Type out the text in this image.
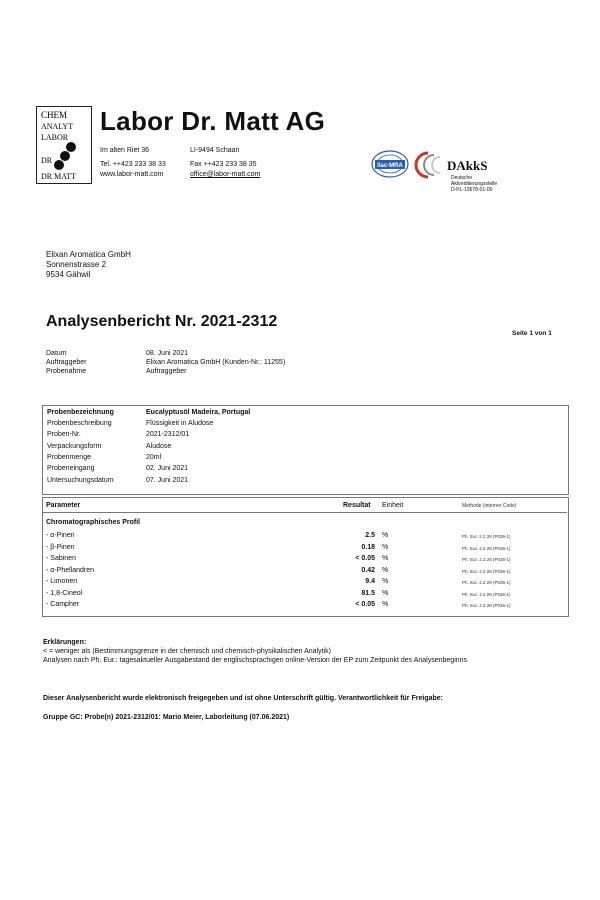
CHEM
ANALYT
LABOR
DR
DR MATT
Labor Dr. Matt AG
Im alten Riet 36	LI-9494 Schaan
Tel. ++423 233 38 33	Fax ++423 233 38 35
www.labor-matt.com	office@labor-matt.com
ilac-MRA	DAkkS
Deutsche
Akkreditierungsstelle
D-PL-19678-01-00
Elixan Aromatica GmbH
Sonnenstrasse 2
9534 Gähwil
Analysenbericht Nr. 2021-2312
Seite 1 von 1
Datum	08. Juni 2021
Auftraggeber	Elixan Aromatica GmbH (Kunden-Nr.: 11255)
Probenahme	Auftraggeber
Probenbezeichnung	Eucalyptusöl Madeira, Portugal
Probenbeschreibung	Flüssigkeit in Aludose
Proben-Nr.	2021-2312/01
Verpackungsform	Aludose
Probenmenge	20ml
Probeneingang	02. Juni 2021
Untersuchungsdatum	07. Juni 2021
Parameter	Resultat Einheit	Methode (interner Code)
Chromatographisches Profil
- α-Pinen	2.5 %	Ph. Eur. 2.2.28 (P036-1)
- β-Pinen	0.18 %	Ph. Eur. 2.2.28 (P036-1)
- Sabinen	< 0.05 %	Ph. Eur. 2.2.28 (P036-1)
- α-Phellandren	0.42 %	Ph. Eur. 2.2.28 (P036-1)
- Limonen	9.4 %	Ph. Eur. 2.2.28 (P036-1)
- 1,8-Cineol	81.5 %	Ph. Eur. 2.2.28 (P036-1)
- Campher	< 0.05 %	Ph. Eur. 2.2.28 (P036-1)
Erklärungen:
< = weniger als (Bestimmungsgrenze in der chemisch und chemisch-physikalischen Analytik)
Analysen nach Ph. Eur.: tagesaktueller Ausgabestand der englischsprachigen online-Version der EP zum Zeitpunkt des Analysenbeginns
Dieser Analysenbericht wurde elektronisch freigegeben und ist ohne Unterschrift gültig. Verantwortlichkeit für Freigabe:
Gruppe GC: Probe(n) 2021-2312/01: Mario Meier, Laborleitung (07.06.2021)
